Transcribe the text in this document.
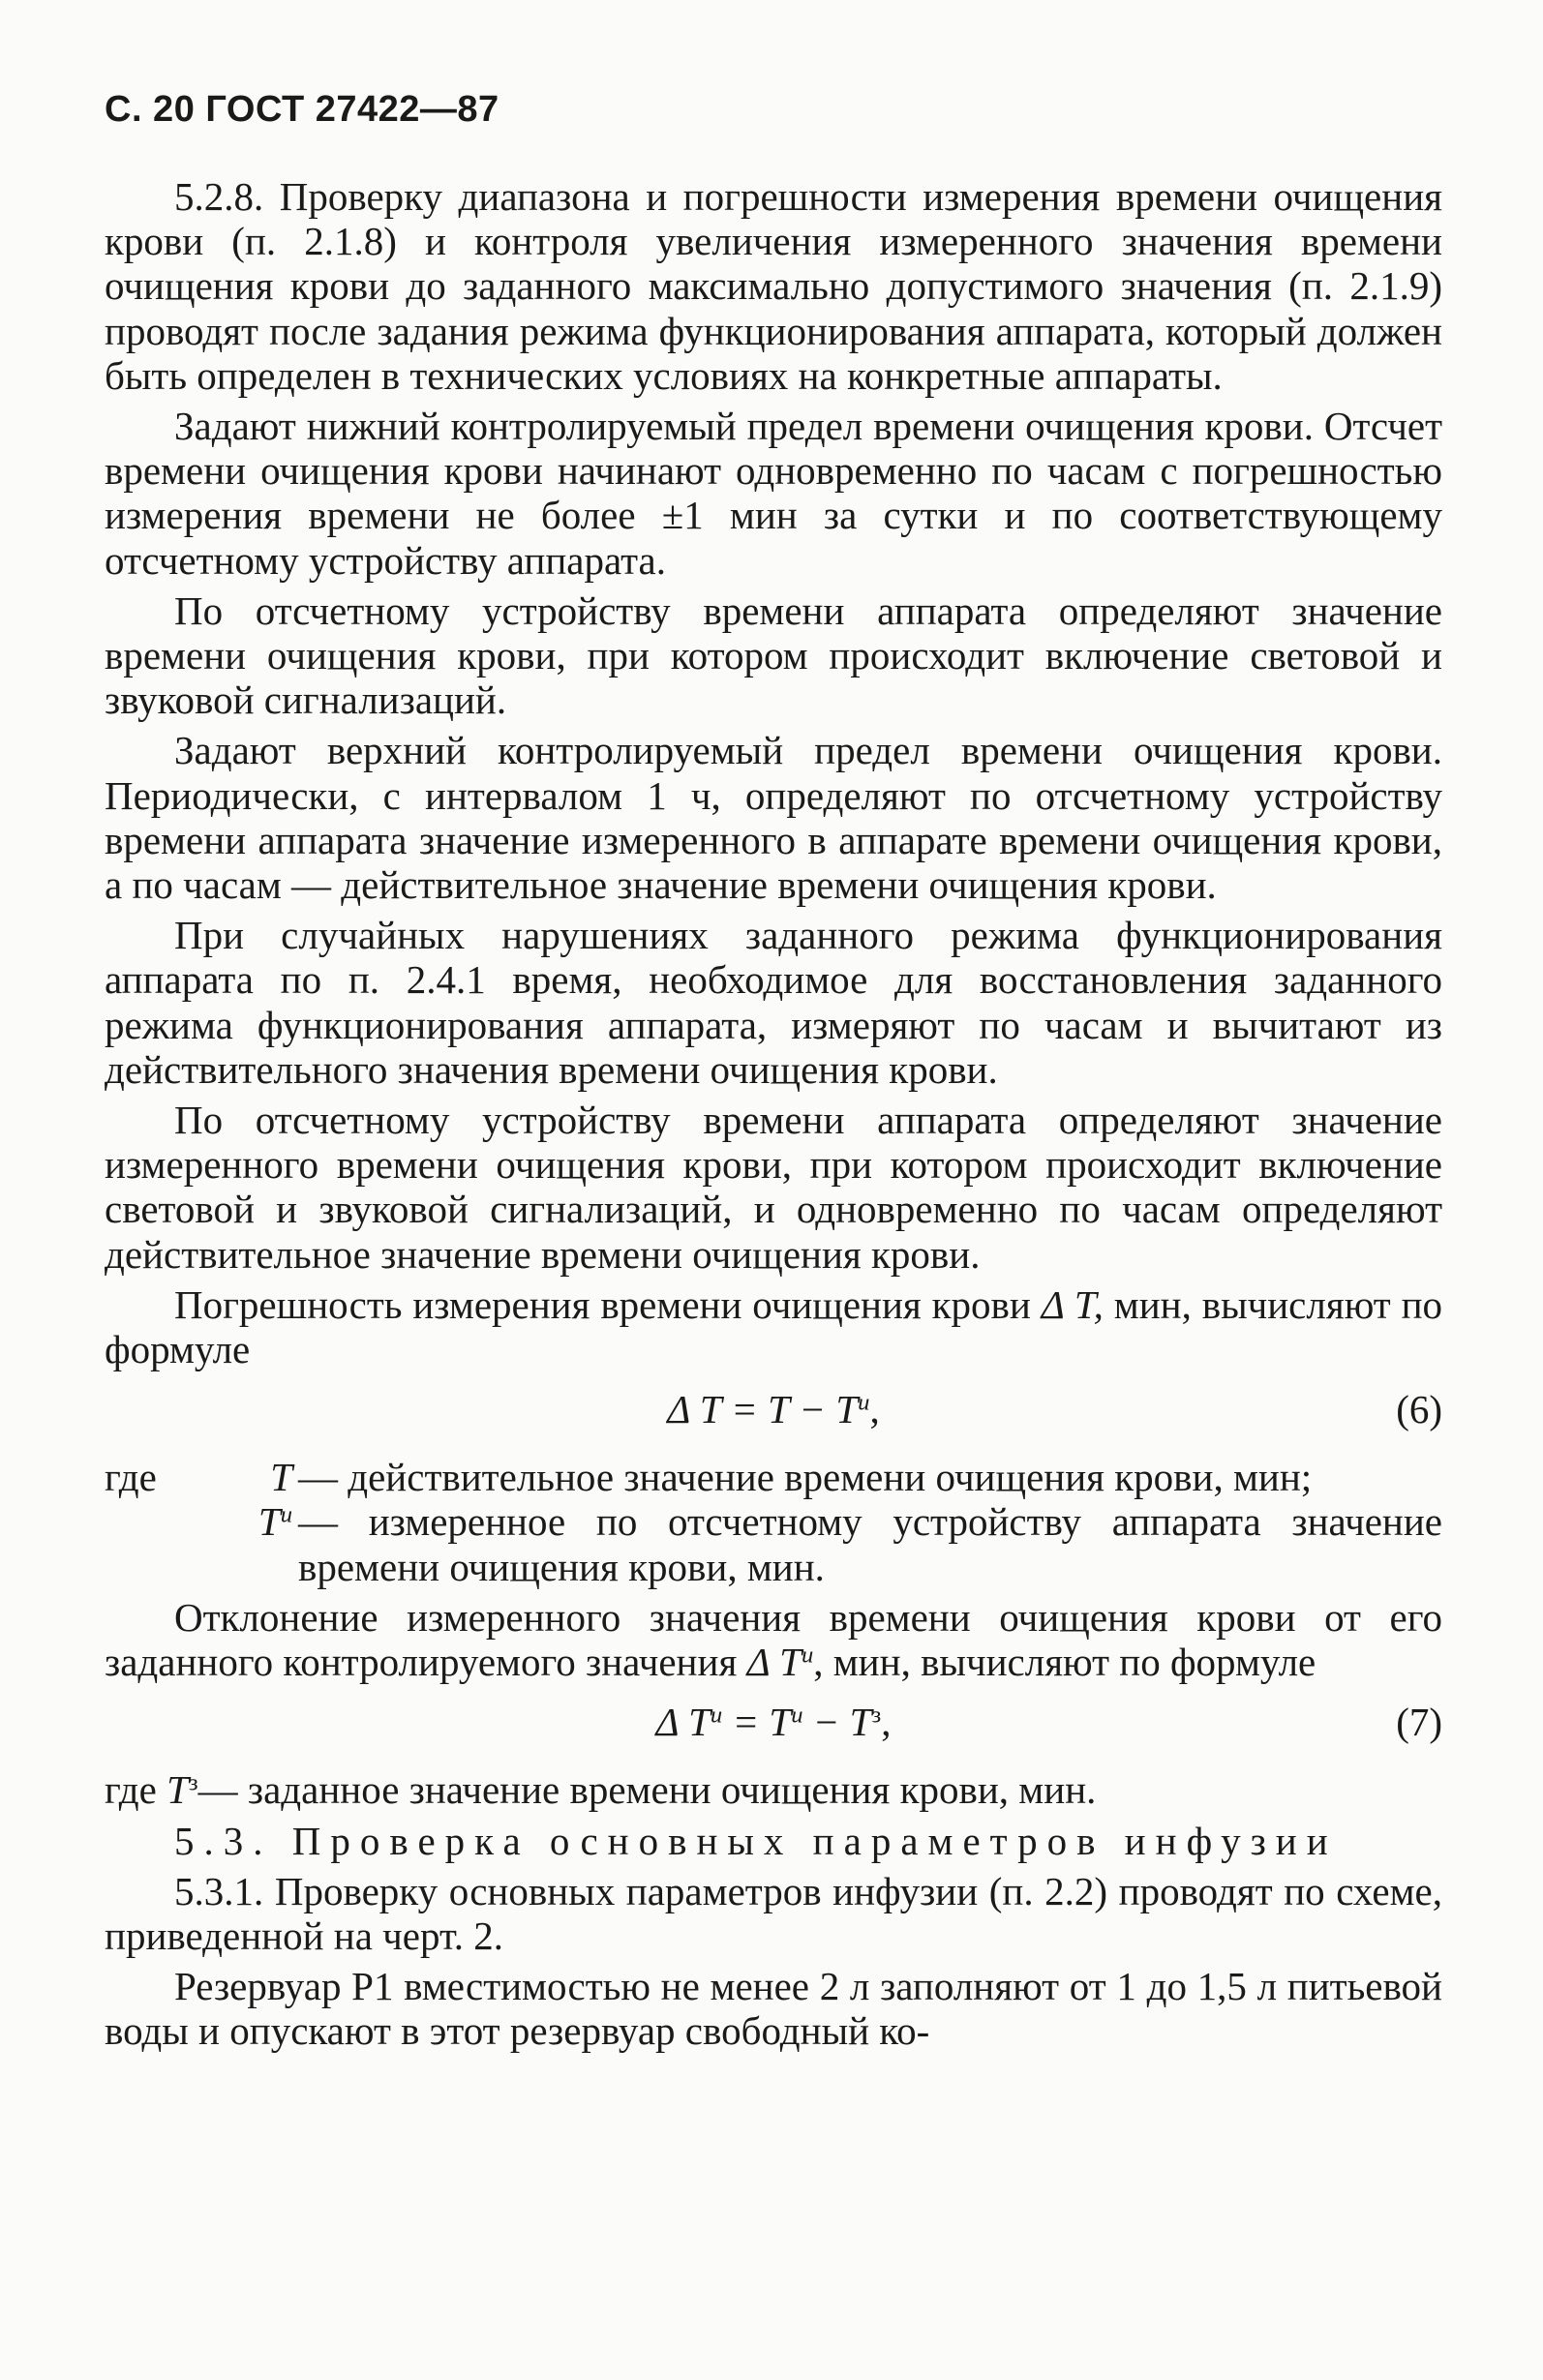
С. 20 ГОСТ 27422—87

5.2.8. Проверку диапазона и погрешности измерения времени очищения крови (п. 2.1.8) и контроля увеличения измеренного значения времени очищения крови до заданного максимально допустимого значения (п. 2.1.9) проводят после задания режима функционирования аппарата, который должен быть определен в технических условиях на конкретные аппараты.

Задают нижний контролируемый предел времени очищения крови. Отсчет времени очищения крови начинают одновременно по часам с погрешностью измерения времени не более ±1 мин за сутки и по соответствующему отсчетному устройству аппарата.

По отсчетному устройству времени аппарата определяют значение времени очищения крови, при котором происходит включение световой и звуковой сигнализаций.

Задают верхний контролируемый предел времени очищения крови. Периодически, с интервалом 1 ч, определяют по отсчетному устройству времени аппарата значение измеренного в аппарате времени очищения крови, а по часам — действительное значение времени очищения крови.

При случайных нарушениях заданного режима функционирования аппарата по п. 2.4.1 время, необходимое для восстановления заданного режима функционирования аппарата, измеряют по часам и вычитают из действительного значения времени очищения крови.

По отсчетному устройству времени аппарата определяют значение измеренного времени очищения крови, при котором происходит включение световой и звуковой сигнализаций, и одновременно по часам определяют действительное значение времени очищения крови.

Погрешность измерения времени очищения крови Δ T, мин, вычисляют по формуле

Δ $T = T - T^и$,	(6)
где	T — действительное значение времени очищения крови, мин;
$T^и$ — измеренное по отсчетному устройству аппарата значение времени очищения крови, мин.

Отклонение измеренного значения времени очищения крови от его заданного контролируемого значения Δ $T^и$, мин, вычисляют по формуле

Δ $T^и = T^и - T^з$,	(7)
где $T^з—$ заданное значение времени очищения крови, мин.

5.3. Проверка основных параметров инфузии

5.3.1. Проверку основных параметров инфузии (п. 2.2) проводят по схеме, приведенной на черт. 2.

Резервуар P1 вместимостью не менее 2 л заполняют от 1 до 1,5 л питьевой воды и опускают в этот резервуар свободный ко-
